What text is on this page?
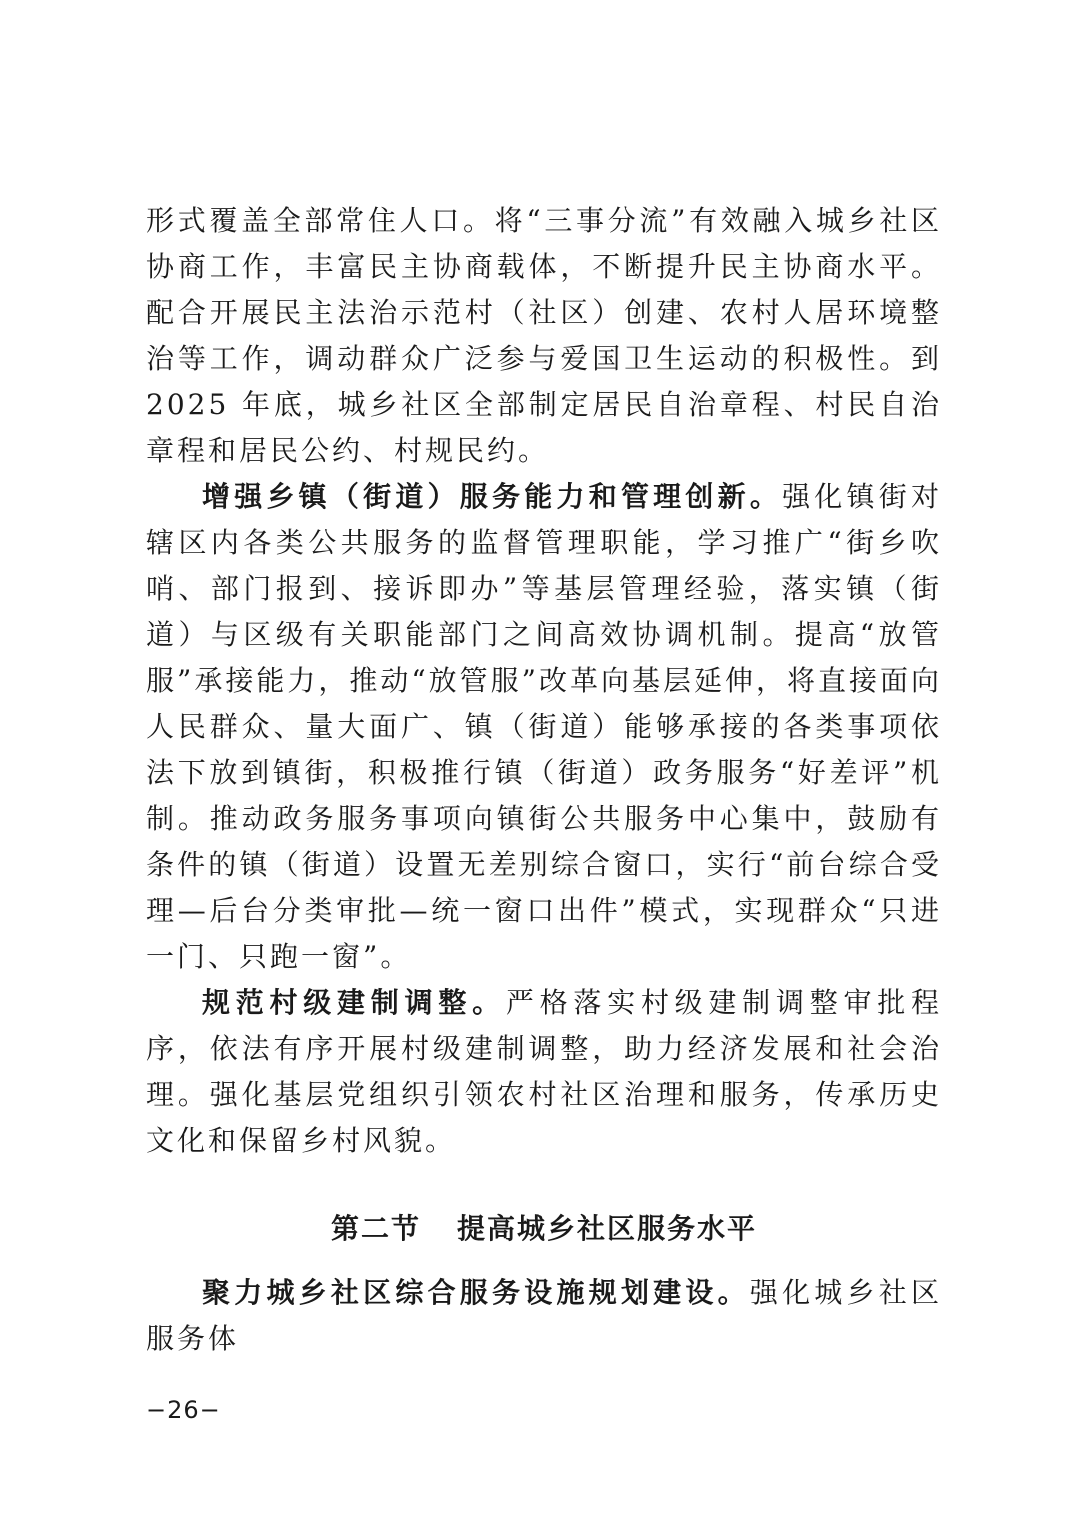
形式覆盖全部常住人口。将“三事分流”有效融入城乡社区协商工作，丰富民主协商载体，不断提升民主协商水平。配合开展民主法治示范村（社区）创建、农村人居环境整治等工作，调动群众广泛参与爱国卫生运动的积极性。到 2025 年底，城乡社区全部制定居民自治章程、村民自治章程和居民公约、村规民约。

增强乡镇（街道）服务能力和管理创新。强化镇街对辖区内各类公共服务的监督管理职能，学习推广“街乡吹哨、部门报到、接诉即办”等基层管理经验，落实镇（街道）与区级有关职能部门之间高效协调机制。提高“放管服”承接能力，推动“放管服”改革向基层延伸，将直接面向人民群众、量大面广、镇（街道）能够承接的各类事项依法下放到镇街，积极推行镇（街道）政务服务“好差评”机制。推动政务服务事项向镇街公共服务中心集中，鼓励有条件的镇（街道）设置无差别综合窗口，实行“前台综合受理—后台分类审批—统一窗口出件”模式，实现群众“只进一门、只跑一窗”。

规范村级建制调整。严格落实村级建制调整审批程序，依法有序开展村级建制调整，助力经济发展和社会治理。强化基层党组织引领农村社区治理和服务，传承历史文化和保留乡村风貌。

第二节 提高城乡社区服务水平

聚力城乡社区综合服务设施规划建设。强化城乡社区服务体

−26−
